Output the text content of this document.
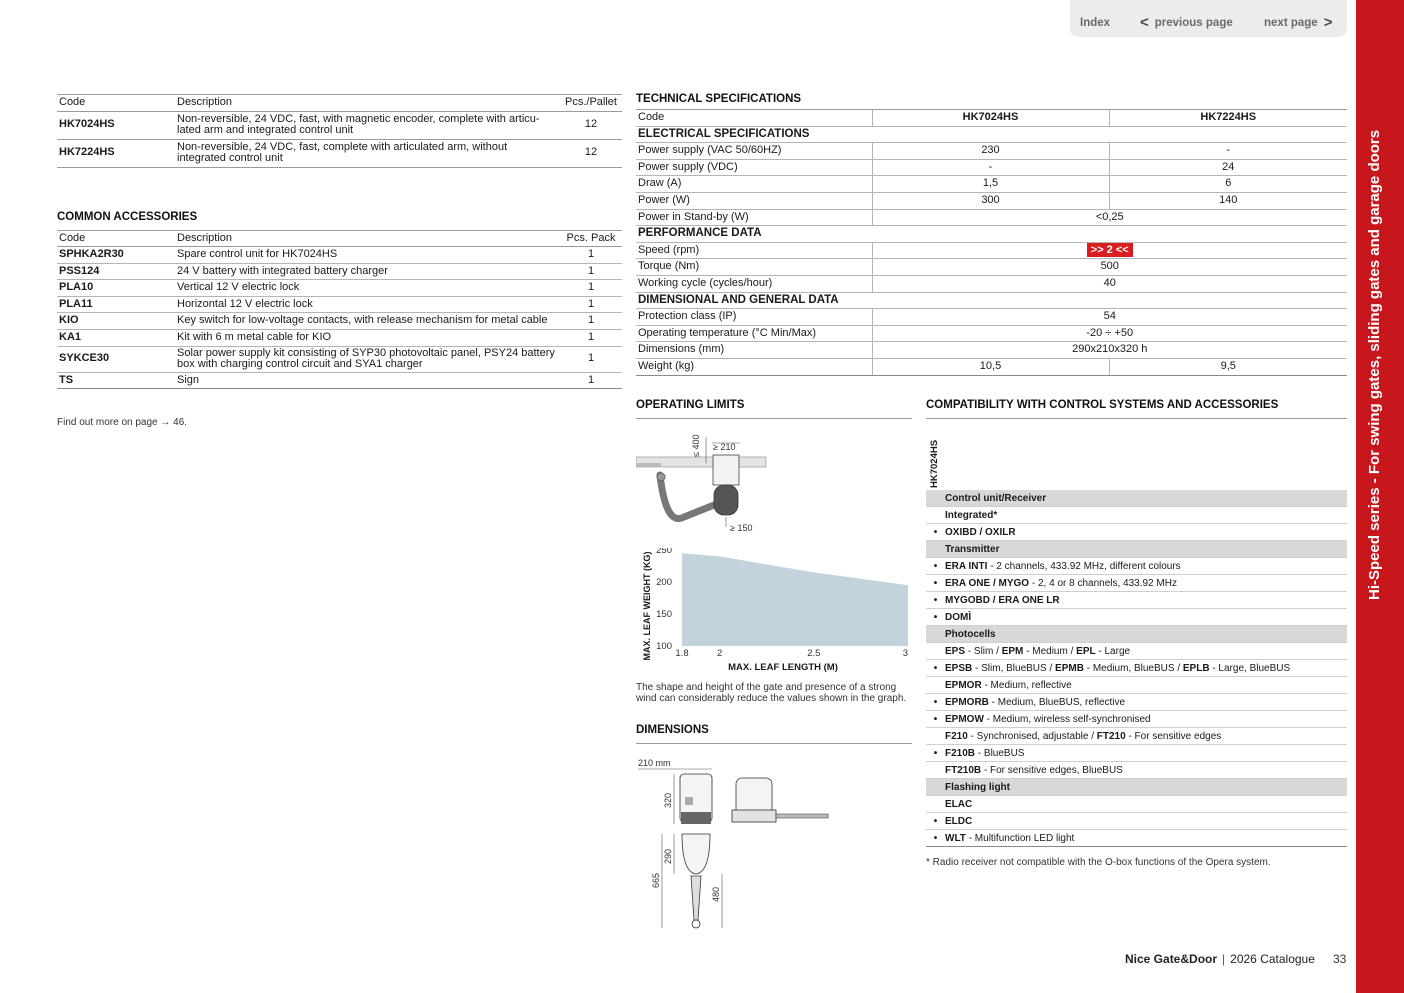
Index < previous page	next page >
Hi-Speed series - For swing gates, sliding gates and garage doors
Code	Description	Pcs./Pallet
HK7024HS	Non-reversible, 24 VDC, fast, with magnetic encoder, complete with articu-lated arm and integrated control unit	12
HK7224HS	Non-reversible, 24 VDC, fast, complete with articulated arm, without integrated control unit	12
COMMON ACCESSORIES
Code	Description	Pcs. Pack
SPHKA2R30	Spare control unit for HK7024HS	1
PSS124	24 V battery with integrated battery charger	1
PLA10	Vertical 12 V electric lock	1
PLA11	Horizontal 12 V electric lock	1
KIO	Key switch for low-voltage contacts, with release mechanism for metal cable	1
KA1	Kit with 6 m metal cable for KIO	1
SYKCE30	Solar power supply kit consisting of SYP30 photovoltaic panel, PSY24 battery box with charging control circuit and SYA1 charger	1
TS	Sign	1
Find out more on page → 46.
TECHNICAL SPECIFICATIONS
Code	HK7024HS	HK7224HS
ELECTRICAL SPECIFICATIONS		
Power supply (VAC 50/60HZ)	230	-
Power supply (VDC)	-	24
Draw (A)	1,5	6
Power (W)	300	140
Power in Stand-by (W)	<0,25	
PERFORMANCE DATA		
Speed (rpm)	>> 2 <<	
Torque (Nm)	500	
Working cycle (cycles/hour)	40	
DIMENSIONAL AND GENERAL DATA		
Protection class (IP)	54	
Operating temperature (°C Min/Max)	-20 ÷ +50	
Dimensions (mm)	290x210x320 h	
Weight (kg)	10,5	9,5
OPERATING LIMITS
≤ 400 ≥ 210
≥ 150
100
150
200
250
1.8	2	2.5	3
MAX. LEAF WEIGHT (KG)
MAX. LEAF LENGTH (M)
The shape and height of the gate and presence of a strong wind can considerably reduce the values shown in the graph.
DIMENSIONS
210 mm
320
290
665
480
COMPATIBILITY WITH CONTROL SYSTEMS AND ACCESSORIES
HK7024HS
Control unit/Receiver
Integrated*
• OXIBD / OXILR
Transmitter
• ERA INTI - 2 channels, 433.92 MHz, different colours
• ERA ONE / MYGO - 2, 4 or 8 channels, 433.92 MHz
• MYGOBD / ERA ONE LR
• DOMÌ
Photocells
EPS - Slim / EPM - Medium / EPL - Large
• EPSB - Slim, BlueBUS / EPMB - Medium, BlueBUS / EPLB - Large, BlueBUS
EPMOR - Medium, reflective
• EPMORB - Medium, BlueBUS, reflective
• EPMOW - Medium, wireless self-synchronised
F210 - Synchronised, adjustable / FT210 - For sensitive edges
• F210B - BlueBUS
FT210B - For sensitive edges, BlueBUS
Flashing light
ELAC
• ELDC
• WLT - Multifunction LED light
* Radio receiver not compatible with the O-box functions of the Opera system.
Nice Gate&Door | 2026 Catalogue 33
